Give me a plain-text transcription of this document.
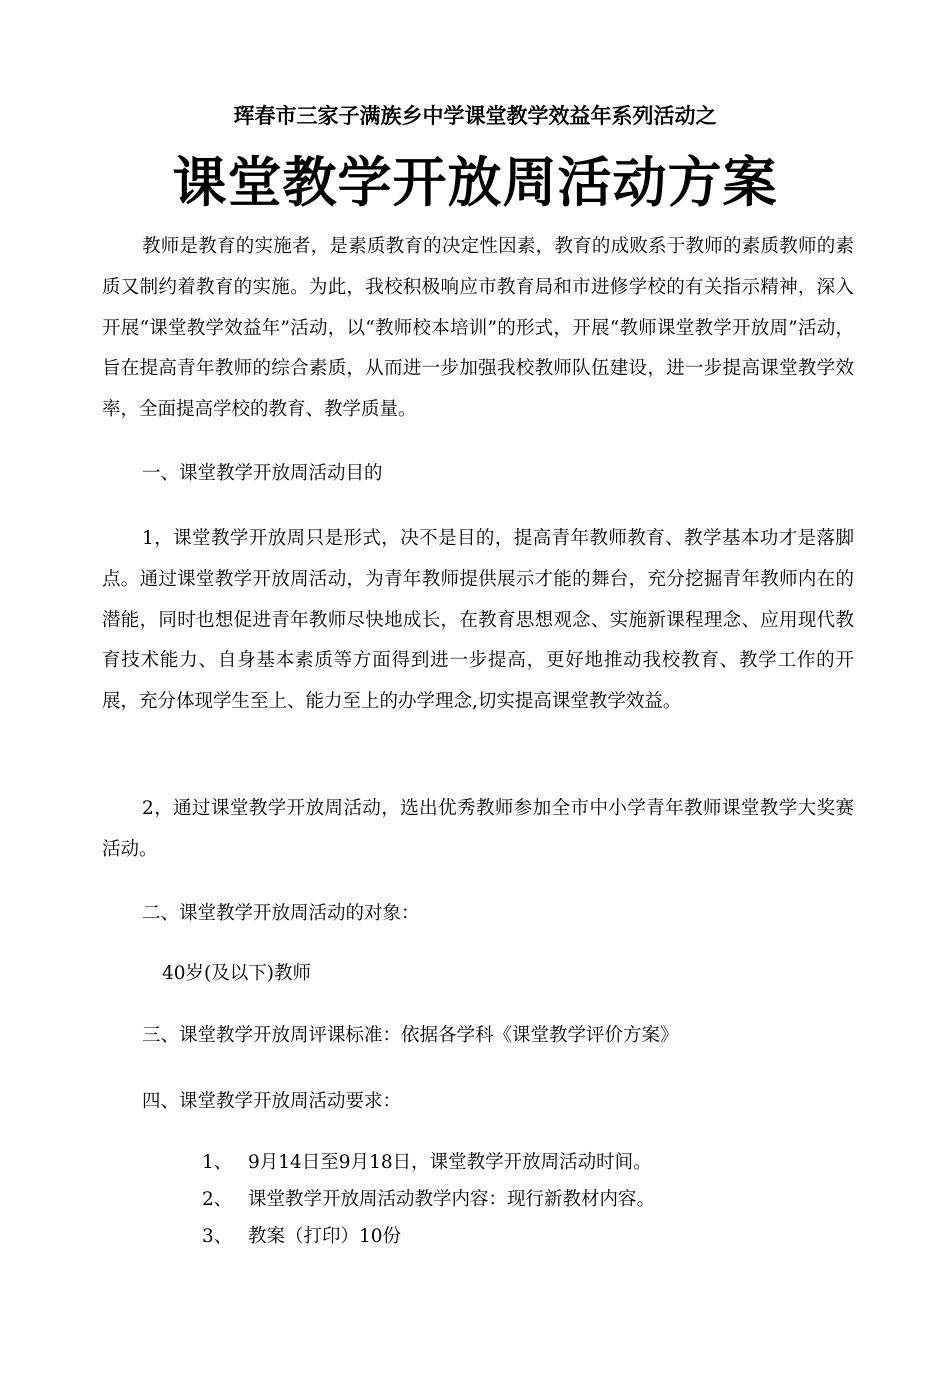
珲春市三家子满族乡中学课堂教学效益年系列活动之
课堂教学开放周活动方案
教师是教育的实施者，是素质教育的决定性因素，教育的成败系于教师的素质教师的素质又制约着教育的实施。为此，我校积极响应市教育局和市进修学校的有关指示精神，深入开展“课堂教学效益年”活动，以“教师校本培训”的形式，开展“教师课堂教学开放周”活动，旨在提高青年教师的综合素质，从而进一步加强我校教师队伍建设，进一步提高课堂教学效率，全面提高学校的教育、教学质量。
一、课堂教学开放周活动目的
1，课堂教学开放周只是形式，决不是目的，提高青年教师教育、教学基本功才是落脚点。通过课堂教学开放周活动，为青年教师提供展示才能的舞台，充分挖掘青年教师内在的潜能，同时也想促进青年教师尽快地成长，在教育思想观念、实施新课程理念、应用现代教育技术能力、自身基本素质等方面得到进一步提高，更好地推动我校教育、教学工作的开展，充分体现学生至上、能力至上的办学理念,切实提高课堂教学效益。
2，通过课堂教学开放周活动，选出优秀教师参加全市中小学青年教师课堂教学大奖赛活动。
二、课堂教学开放周活动的对象：
40岁(及以下)教师
三、课堂教学开放周评课标准：依据各学科《课堂教学评价方案》
四、课堂教学开放周活动要求：
1、 9月14日至9月18日，课堂教学开放周活动时间。
2、 课堂教学开放周活动教学内容：现行新教材内容。
3、 教案（打印）10份
